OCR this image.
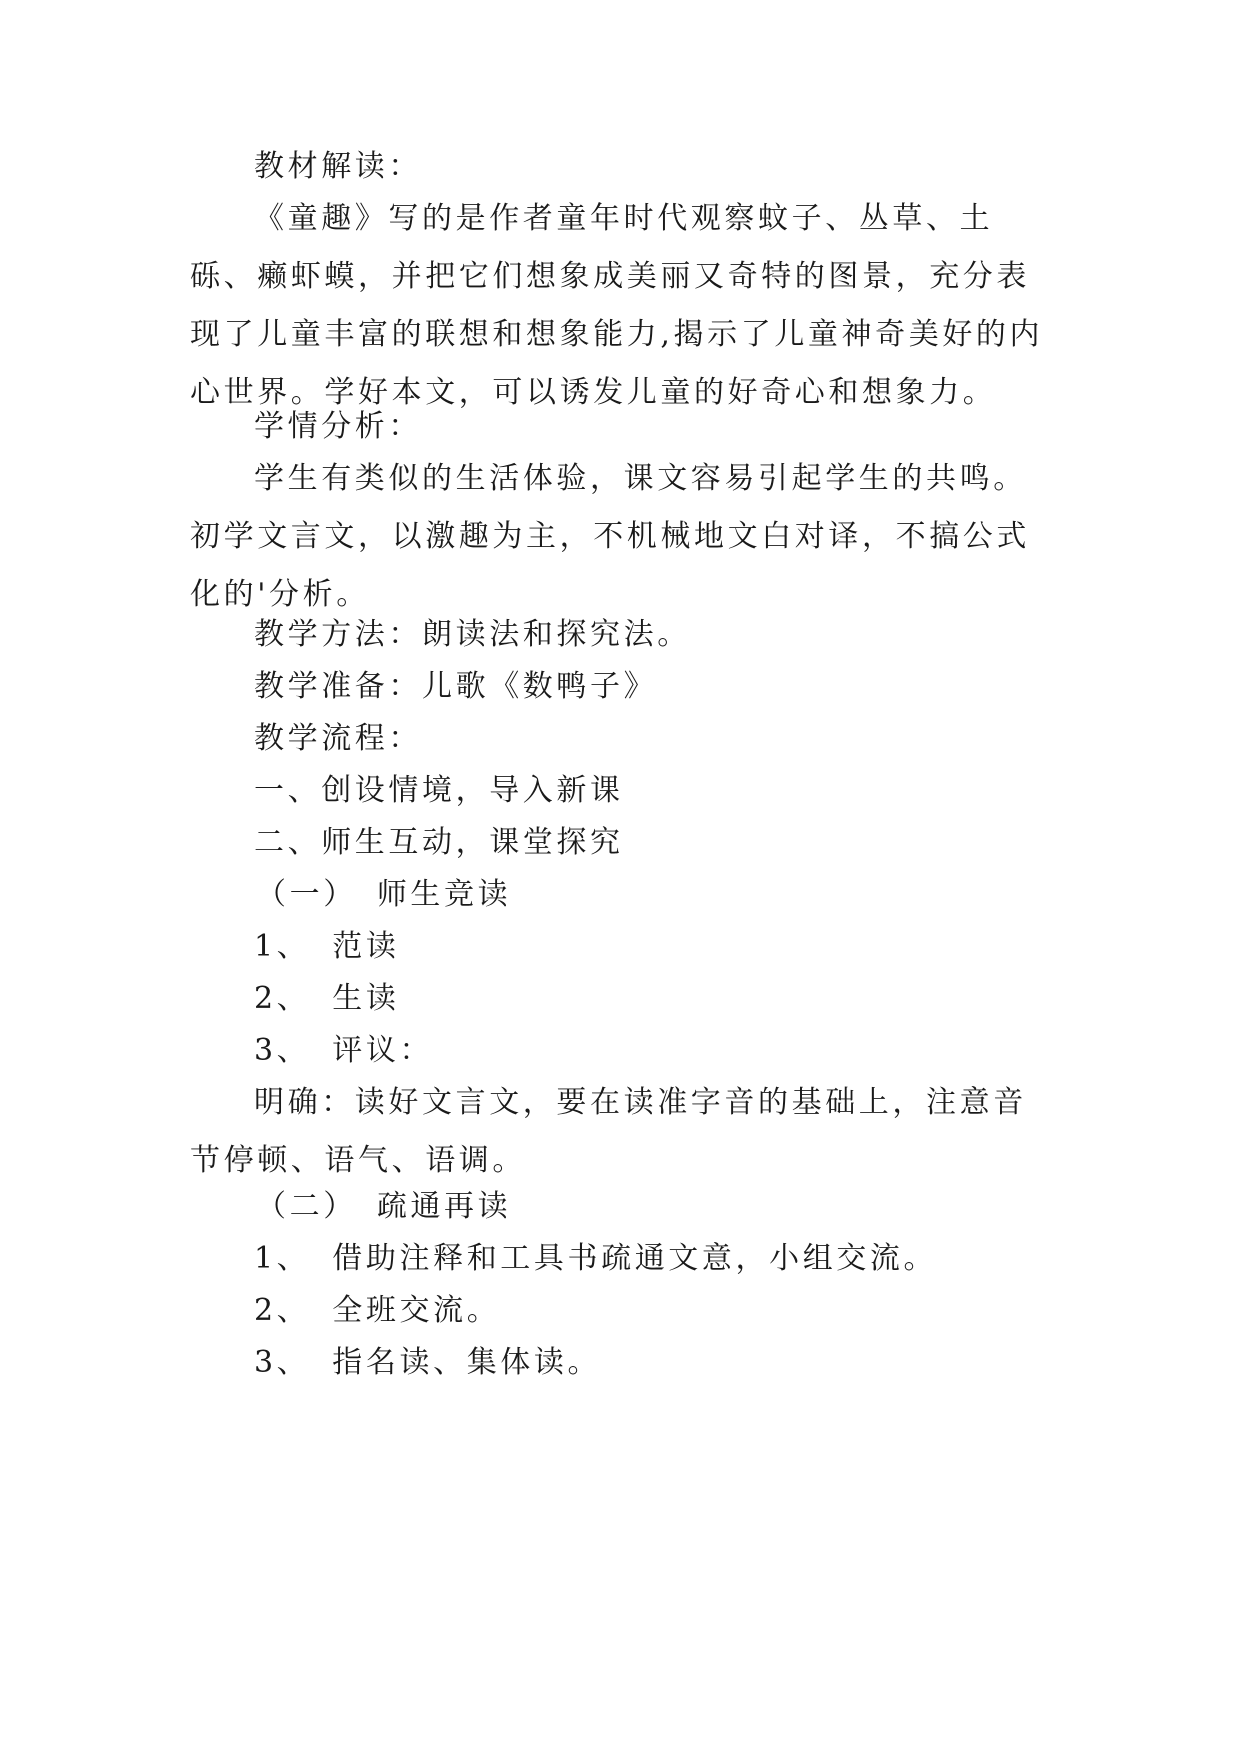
教材解读：

《童趣》写的是作者童年时代观察蚊子、丛草、土砾、癞虾蟆，并把它们想象成美丽又奇特的图景，充分表现了儿童丰富的联想和想象能力,揭示了儿童神奇美好的内心世界。学好本文，可以诱发儿童的好奇心和想象力。

学情分析：

学生有类似的生活体验，课文容易引起学生的共鸣。初学文言文，以激趣为主，不机械地文白对译，不搞公式化的'分析。

教学方法：朗读法和探究法。

教学准备：儿歌《数鸭子》

教学流程：

一、创设情境，导入新课

二、师生互动，课堂探究

（一） 师生竞读

1、 范读

2、 生读

3、 评议：

明确：读好文言文，要在读准字音的基础上，注意音节停顿、语气、语调。

（二） 疏通再读

1、 借助注释和工具书疏通文意，小组交流。

2、 全班交流。

3、 指名读、集体读。
